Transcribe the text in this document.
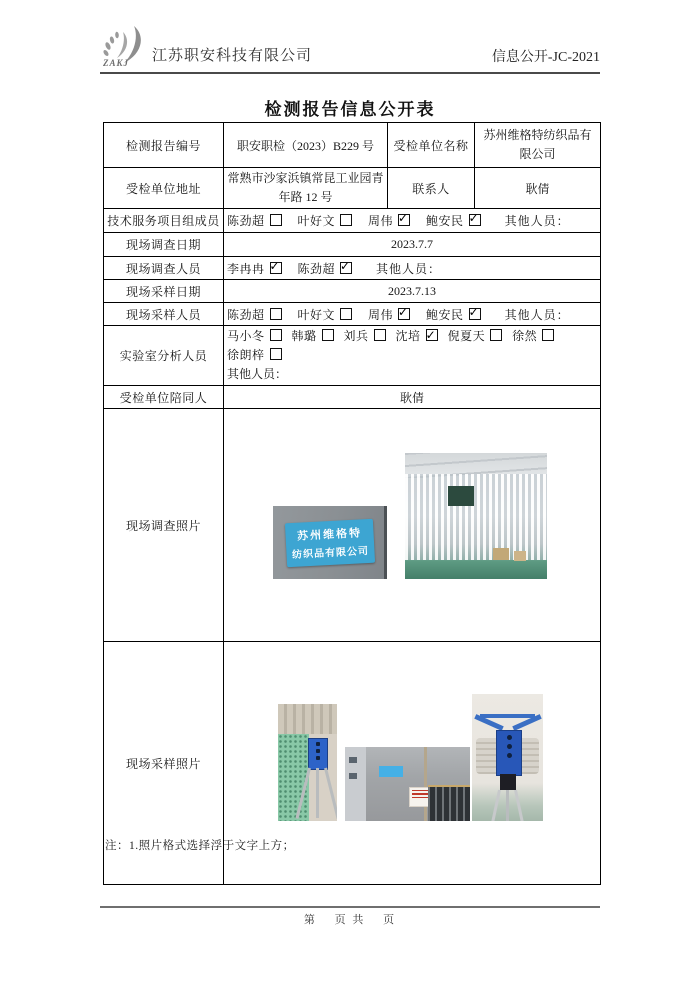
ZAKJ 江苏职安科技有限公司	信息公开-JC-2021
检测报告信息公开表
检测报告编号	职安职检（2023）B229 号	受检单位名称	苏州维格特纺织品有限公司
受检单位地址	常熟市沙家浜镇常昆工业园青年路 12 号	联系人	耿倩
技术服务项目组成员	陈劲超 叶好文 周伟 ✓ 鲍安民 ✓ 其他人员：
现场调查日期	2023.7.7		
现场调查人员	李冉冉 ✓ 陈劲超 ✓ 其他人员：
现场采样日期	2023.7.13		
现场采样人员	陈劲超 叶好文 周伟 ✓ 鲍安民 ✓ 其他人员：
实验室分析人员	马小冬 韩璐 刘兵 沈培 ✓ 倪夏天 徐然 徐朗梓
其他人员：

受检单位陪同人	耿倩		
现场调查照片	苏州维格特
纺织品有限公司		

现场采样照片			
注：1.照片格式选择浮于文字上方；
第　 页 共　 页
